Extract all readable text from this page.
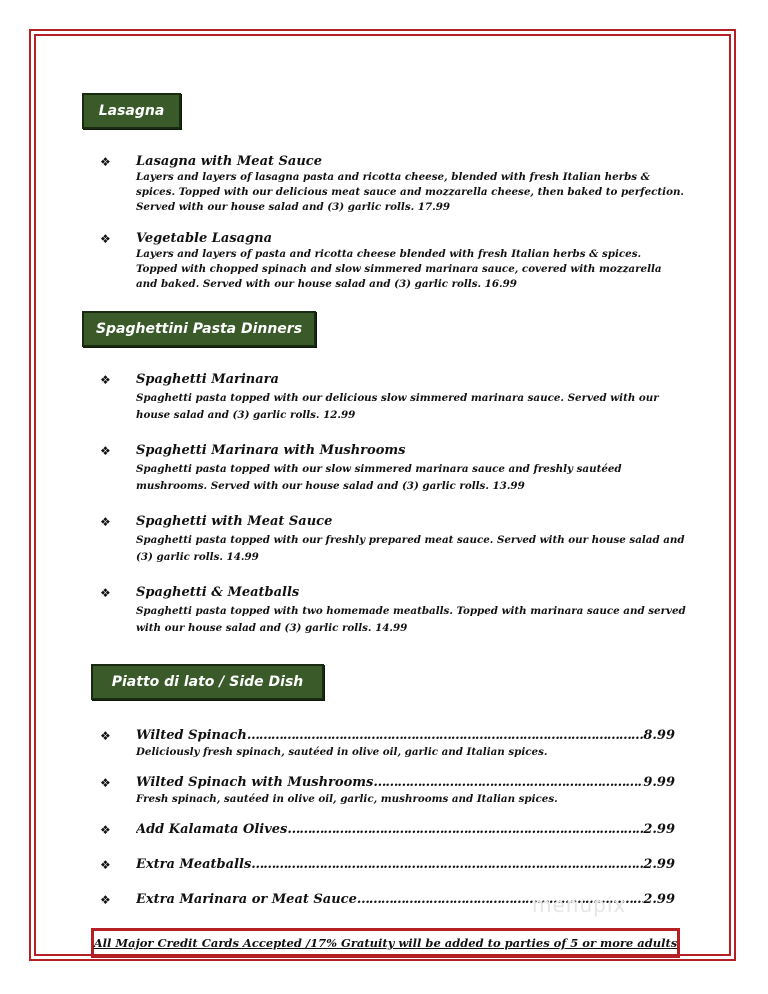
Lasagna
❖ Lasagna with Meat Sauce
Layers and layers of lasagna pasta and ricotta cheese, blended with fresh Italian herbs & spices. Topped with our delicious meat sauce and mozzarella cheese, then baked to perfection. Served with our house salad and (3) garlic rolls. 17.99
❖ Vegetable Lasagna
Layers and layers of pasta and ricotta cheese blended with fresh Italian herbs & spices. Topped with chopped spinach and slow simmered marinara sauce, covered with mozzarella and baked. Served with our house salad and (3) garlic rolls. 16.99
Spaghettini Pasta Dinners
❖ Spaghetti Marinara
Spaghetti pasta topped with our delicious slow simmered marinara sauce. Served with our house salad and (3) garlic rolls. 12.99
❖ Spaghetti Marinara with Mushrooms
Spaghetti pasta topped with our slow simmered marinara sauce and freshly sautéed mushrooms. Served with our house salad and (3) garlic rolls. 13.99
❖ Spaghetti with Meat Sauce
Spaghetti pasta topped with our freshly prepared meat sauce. Served with our house salad and (3) garlic rolls. 14.99
❖ Spaghetti & Meatballs
Spaghetti pasta topped with two homemade meatballs. Topped with marinara sauce and served with our house salad and (3) garlic rolls. 14.99
Piatto di lato / Side Dish
❖ Wilted Spinach ………………………………………………………………………………………………………………………………………………………………………………	8.99
Deliciously fresh spinach, sautéed in olive oil, garlic and Italian spices.
❖ Wilted Spinach with Mushrooms ………………………………………………………………………………………………………………………………………………………………………………	9.99
Fresh spinach, sautéed in olive oil, garlic, mushrooms and Italian spices.
❖ Add Kalamata Olives ………………………………………………………………………………………………………………………………………………………………………………	2.99
❖ Extra Meatballs ………………………………………………………………………………………………………………………………………………………………………………	2.99
❖ Extra Marinara or Meat Sauce ………………………………………………………………………………………………………………………………………………………………………………	2.99
menupix
All Major Credit Cards Accepted /17% Gratuity will be added to parties of 5 or more adults
